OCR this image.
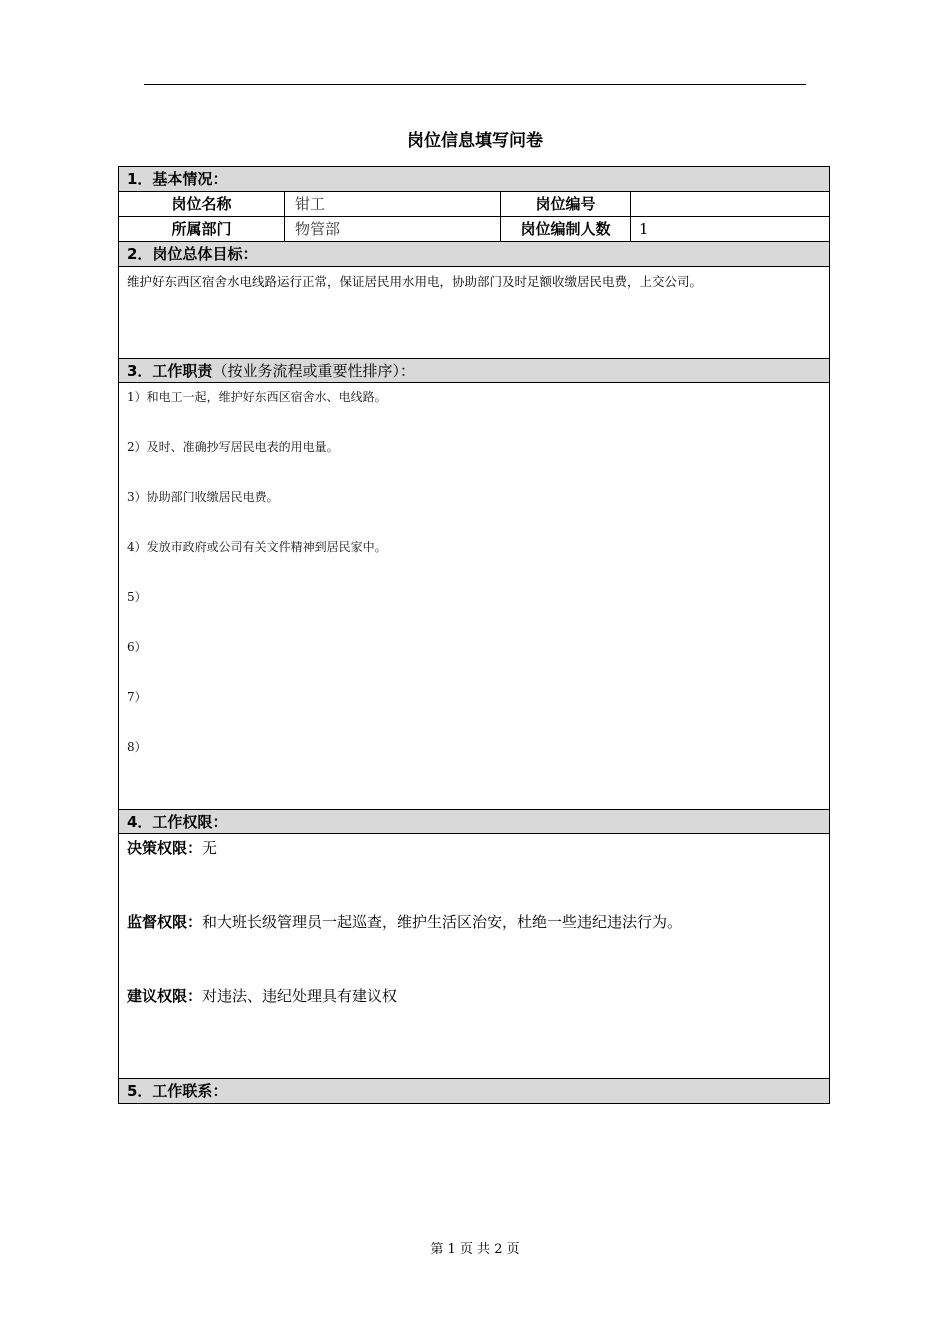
岗位信息填写问卷
1．基本情况：
岗位名称	钳工	岗位编号
所属部门	物管部	岗位编制人数	1
2．岗位总体目标：
维护好东西区宿舍水电线路运行正常，保证居民用水用电，协助部门及时足额收缴居民电费，上交公司。
3．工作职责（按业务流程或重要性排序）：
1）和电工一起，维护好东西区宿舍水、电线路。
2）及时、准确抄写居民电表的用电量。
3）协助部门收缴居民电费。
4）发放市政府或公司有关文件精神到居民家中。
5）
6）
7）
8）
4．工作权限：
决策权限：无
监督权限：和大班长级管理员一起巡查，维护生活区治安，杜绝一些违纪违法行为。
建议权限：对违法、违纪处理具有建议权
5．工作联系：
第 1 页 共 2 页
